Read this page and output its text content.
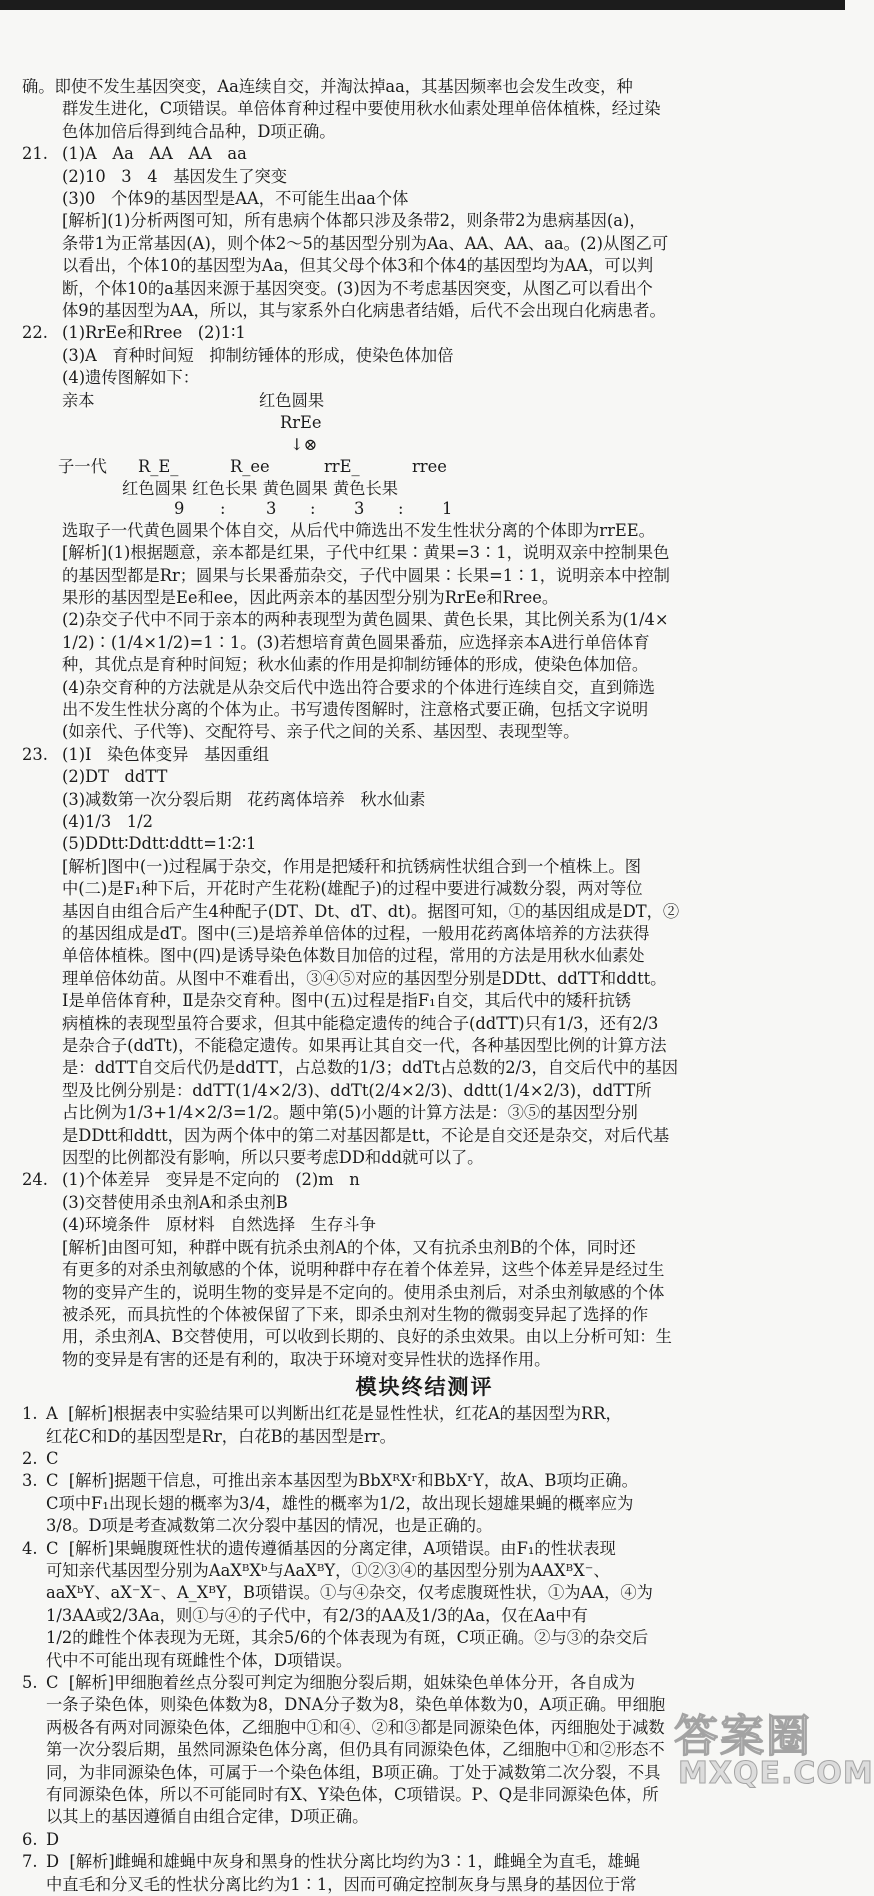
确。即使不发生基因突变，Aa连续自交，并淘汰掉aa，其基因频率也会发生改变，种

群发生进化，C项错误。单倍体育种过程中要使用秋水仙素处理单倍体植株，经过染

色体加倍后得到纯合品种，D项正确。

21. (1)A   Aa   AA   AA   aa

(2)10   3   4   基因发生了突变

(3)0   个体9的基因型是AA，不可能生出aa个体

[解析](1)分析两图可知，所有患病个体都只涉及条带2，则条带2为患病基因(a)，

条带1为正常基因(A)，则个体2～5的基因型分别为Aa、AA、AA、aa。(2)从图乙可

以看出，个体10的基因型为Aa，但其父母个体3和个体4的基因型均为AA，可以判

断，个体10的a基因来源于基因突变。(3)因为不考虑基因突变，从图乙可以看出个

体9的基因型为AA，所以，其与家系外白化病患者结婚，后代不会出现白化病患者。

22. (1)RrEe和Rree   (2)1∶1

(3)A   育种时间短   抑制纺锤体的形成，使染色体加倍

(4)遗传图解如下：

亲本	红色圆果
RrEe
↓⊗
子一代 R_E_	R_ee	rrE_	rree
红色圆果 红色长果 黄色圆果 黄色长果
9 : 3 : 3 : 1

选取子一代黄色圆果个体自交，从后代中筛选出不发生性状分离的个体即为rrEE。

[解析](1)根据题意，亲本都是红果，子代中红果∶黄果=3∶1，说明双亲中控制果色

的基因型都是Rr；圆果与长果番茄杂交，子代中圆果∶长果=1∶1，说明亲本中控制

果形的基因型是Ee和ee，因此两亲本的基因型分别为RrEe和Rree。

(2)杂交子代中不同于亲本的两种表现型为黄色圆果、黄色长果，其比例关系为(1/4×

1/2)∶(1/4×1/2)=1∶1。(3)若想培育黄色圆果番茄，应选择亲本A进行单倍体育

种，其优点是育种时间短；秋水仙素的作用是抑制纺锤体的形成，使染色体加倍。

(4)杂交育种的方法就是从杂交后代中选出符合要求的个体进行连续自交，直到筛选

出不发生性状分离的个体为止。书写遗传图解时，注意格式要正确，包括文字说明

(如亲代、子代等)、交配符号、亲子代之间的关系、基因型、表现型等。

23. (1)Ⅰ   染色体变异   基因重组

(2)DT   ddTT

(3)减数第一次分裂后期   花药离体培养   秋水仙素

(4)1/3   1/2

(5)DDtt∶Ddtt∶ddtt=1∶2∶1

[解析]图中(一)过程属于杂交，作用是把矮秆和抗锈病性状组合到一个植株上。图

中(二)是F₁种下后，开花时产生花粉(雄配子)的过程中要进行减数分裂，两对等位

基因自由组合后产生4种配子(DT、Dt、dT、dt)。据图可知，①的基因组成是DT，②

的基因组成是dT。图中(三)是培养单倍体的过程，一般用花药离体培养的方法获得

单倍体植株。图中(四)是诱导染色体数目加倍的过程，常用的方法是用秋水仙素处

理单倍体幼苗。从图中不难看出，③④⑤对应的基因型分别是DDtt、ddTT和ddtt。

Ⅰ是单倍体育种，Ⅱ是杂交育种。图中(五)过程是指F₁自交，其后代中的矮秆抗锈

病植株的表现型虽符合要求，但其中能稳定遗传的纯合子(ddTT)只有1/3，还有2/3

是杂合子(ddTt)，不能稳定遗传。如果再让其自交一代，各种基因型比例的计算方法

是：ddTT自交后代仍是ddTT，占总数的1/3；ddTt占总数的2/3，自交后代中的基因

型及比例分别是：ddTT(1/4×2/3)、ddTt(2/4×2/3)、ddtt(1/4×2/3)，ddTT所

占比例为1/3+1/4×2/3=1/2。题中第(5)小题的计算方法是：③⑤的基因型分别

是DDtt和ddtt，因为两个体中的第二对基因都是tt，不论是自交还是杂交，对后代基

因型的比例都没有影响，所以只要考虑DD和dd就可以了。

24. (1)个体差异   变异是不定向的   (2)m   n

(3)交替使用杀虫剂A和杀虫剂B

(4)环境条件   原材料   自然选择   生存斗争

[解析]由图可知，种群中既有抗杀虫剂A的个体，又有抗杀虫剂B的个体，同时还

有更多的对杀虫剂敏感的个体，说明种群中存在着个体差异，这些个体差异是经过生

物的变异产生的，说明生物的变异是不定向的。使用杀虫剂后，对杀虫剂敏感的个体

被杀死，而具抗性的个体被保留了下来，即杀虫剂对生物的微弱变异起了选择的作

用，杀虫剂A、B交替使用，可以收到长期的、良好的杀虫效果。由以上分析可知：生

物的变异是有害的还是有利的，取决于环境对变异性状的选择作用。

模块终结测评
1. A  [解析]根据表中实验结果可以判断出红花是显性性状，红花A的基因型为RR，

红花C和D的基因型是Rr，白花B的基因型是rr。

2. C

3. C  [解析]据题干信息，可推出亲本基因型为BbXᴿXʳ和BbXʳY，故A、B项均正确。

C项中F₁出现长翅的概率为3/4，雄性的概率为1/2，故出现长翅雄果蝇的概率应为

3/8。D项是考查减数第二次分裂中基因的情况，也是正确的。

4. C  [解析]果蝇腹斑性状的遗传遵循基因的分离定律，A项错误。由F₁的性状表现

可知亲代基因型分别为AaXᴮXᵇ与AaXᴮY，①②③④的基因型分别为AAXᴮX⁻、

aaXᵇY、aX⁻X⁻、A_XᴮY，B项错误。①与④杂交，仅考虑腹斑性状，①为AA，④为

1/3AA或2/3Aa，则①与④的子代中，有2/3的AA及1/3的Aa，仅在Aa中有

1/2的雌性个体表现为无斑，其余5/6的个体表现为有斑，C项正确。②与③的杂交后

代中不可能出现有斑雌性个体，D项错误。

5. C  [解析]甲细胞着丝点分裂可判定为细胞分裂后期，姐妹染色单体分开，各自成为

一条子染色体，则染色体数为8，DNA分子数为8，染色单体数为0，A项正确。甲细胞

两极各有两对同源染色体，乙细胞中①和④、②和③都是同源染色体，丙细胞处于减数

第一次分裂后期，虽然同源染色体分离，但仍具有同源染色体，乙细胞中①和②形态不

同，为非同源染色体，可属于一个染色体组，B项正确。丁处于减数第二次分裂，不具

有同源染色体，所以不可能同时有X、Y染色体，C项错误。P、Q是非同源染色体，所

以其上的基因遵循自由组合定律，D项正确。

6. D

7. D  [解析]雌蝇和雄蝇中灰身和黑身的性状分离比均约为3∶1，雌蝇全为直毛，雄蝇

中直毛和分叉毛的性状分离比约为1∶1，因而可确定控制灰身与黑身的基因位于常

答案圈
MXQE.COM
